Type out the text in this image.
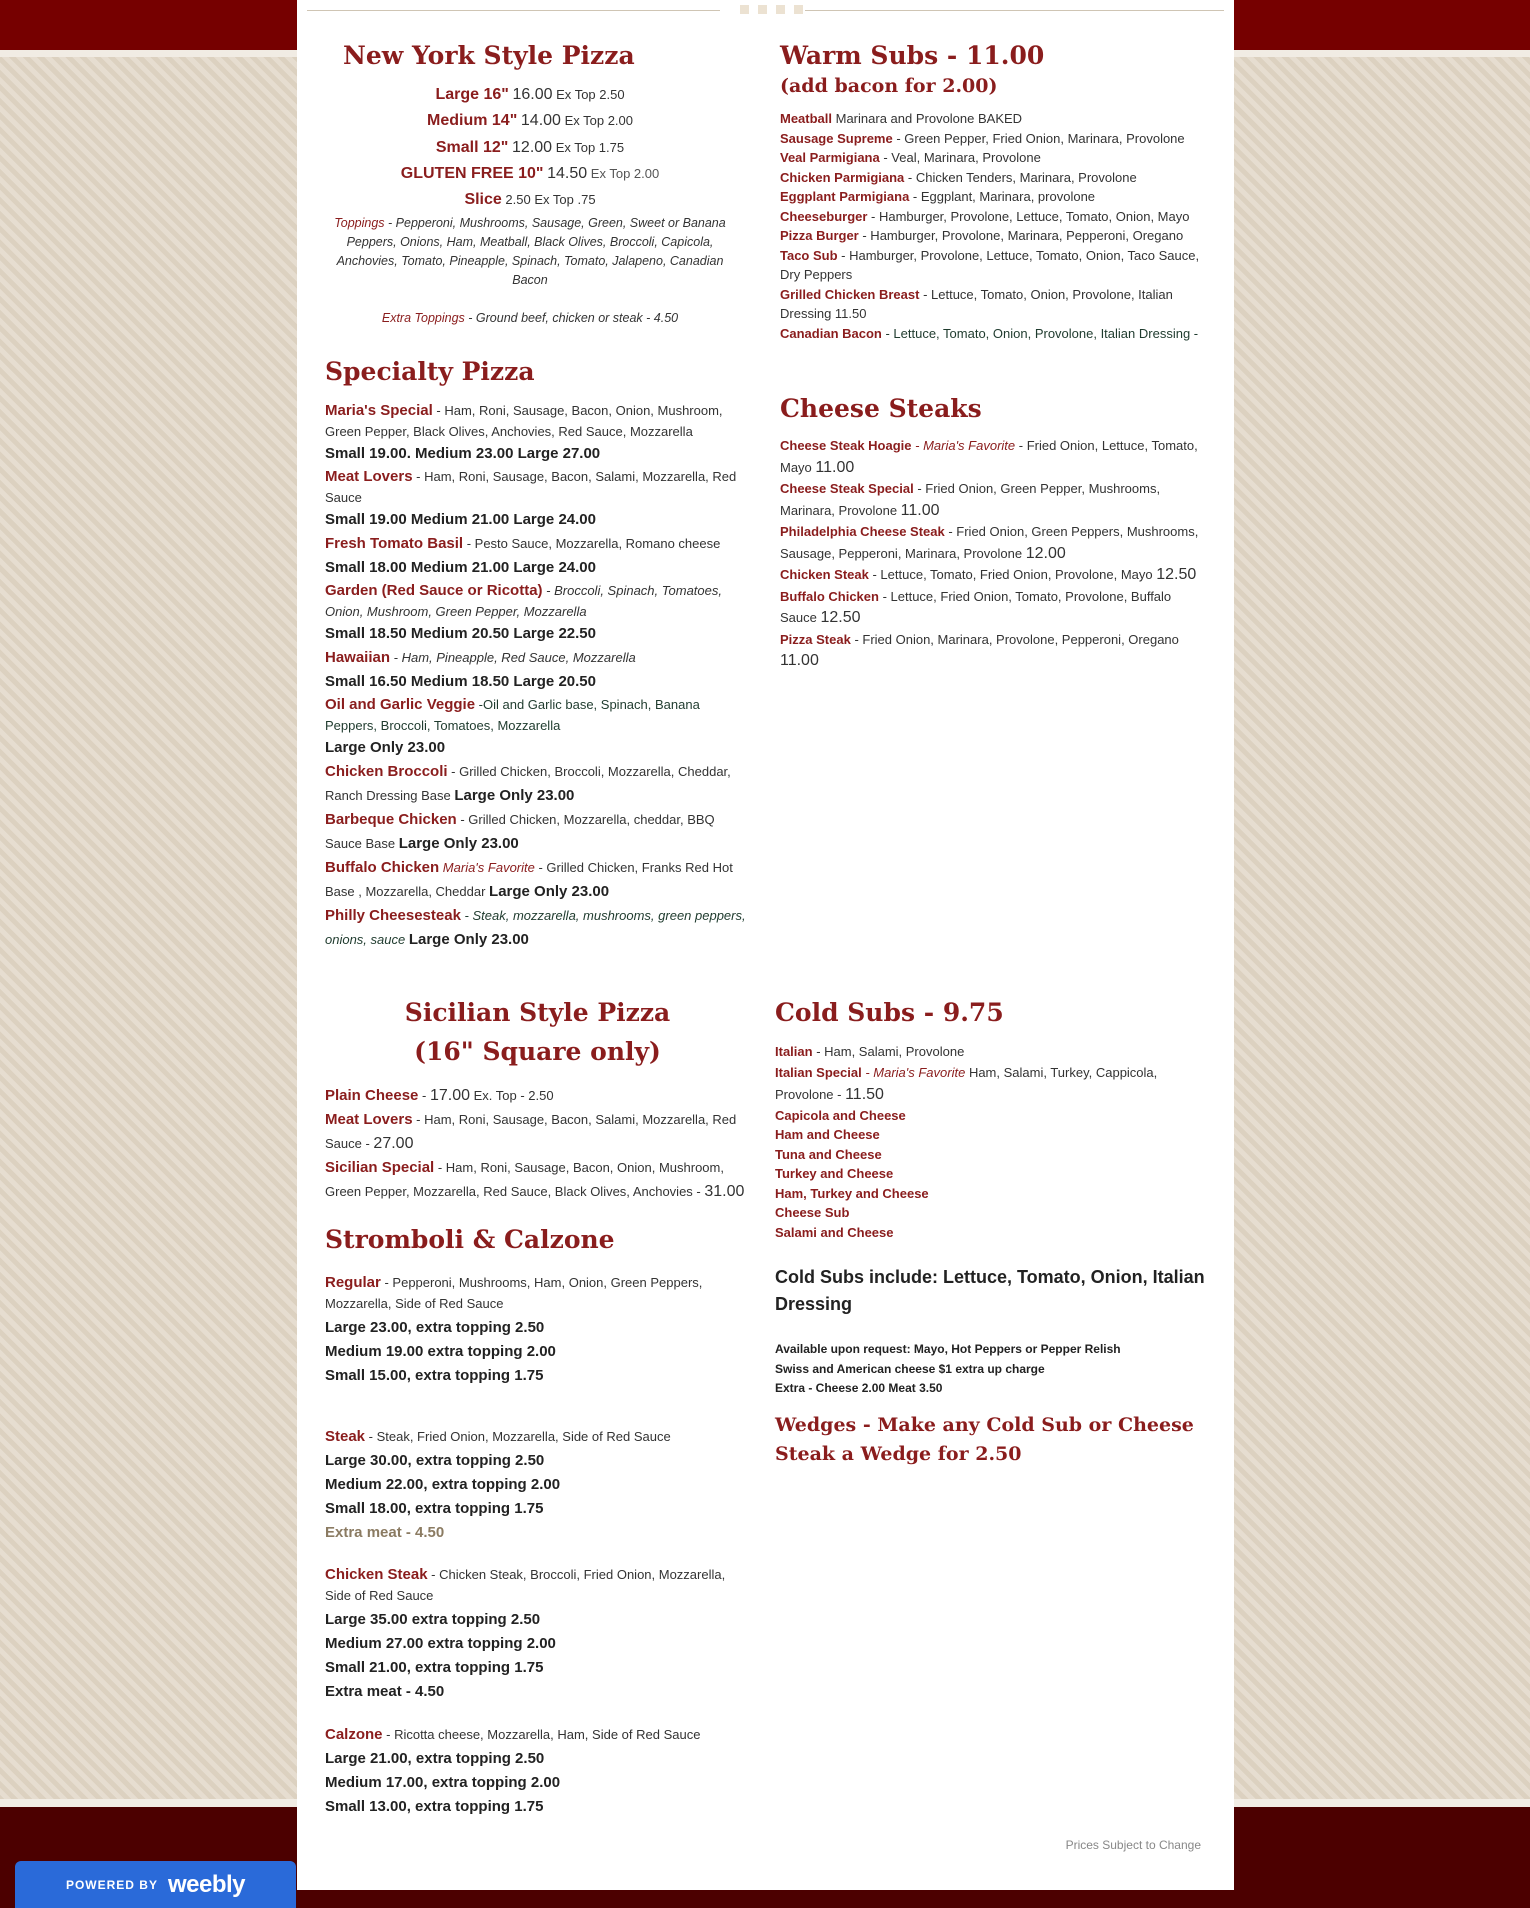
New York Style Pizza
Large 16" 16.00 Ex Top 2.50
Medium 14" 14.00 Ex Top 2.00
Small 12" 12.00 Ex Top 1.75
GLUTEN FREE 10" 14.50 Ex Top 2.00
Slice 2.50 Ex Top .75
Toppings - Pepperoni, Mushrooms, Sausage, Green, Sweet or Banana Peppers, Onions, Ham, Meatball, Black Olives, Broccoli, Capicola, Anchovies, Tomato, Pineapple, Spinach, Tomato, Jalapeno, Canadian Bacon
Extra Toppings - Ground beef, chicken or steak - 4.50
Specialty Pizza
Maria's Special - Ham, Roni, Sausage, Bacon, Onion, Mushroom, Green Pepper, Black Olives, Anchovies, Red Sauce, Mozzarella
Small 19.00. Medium 23.00 Large 27.00
Meat Lovers - Ham, Roni, Sausage, Bacon, Salami, Mozzarella, Red Sauce
Small 19.00 Medium 21.00 Large 24.00
Fresh Tomato Basil - Pesto Sauce, Mozzarella, Romano cheese
Small 18.00 Medium 21.00 Large 24.00
Garden (Red Sauce or Ricotta) - Broccoli, Spinach, Tomatoes, Onion, Mushroom, Green Pepper, Mozzarella
Small 18.50 Medium 20.50 Large 22.50
Hawaiian - Ham, Pineapple, Red Sauce, Mozzarella
Small 16.50 Medium 18.50 Large 20.50
Oil and Garlic Veggie -Oil and Garlic base, Spinach, Banana Peppers, Broccoli, Tomatoes, Mozzarella
Large Only 23.00
Chicken Broccoli - Grilled Chicken, Broccoli, Mozzarella, Cheddar, Ranch Dressing Base Large Only 23.00
Barbeque Chicken - Grilled Chicken, Mozzarella, cheddar, BBQ Sauce Base Large Only 23.00
Buffalo Chicken Maria's Favorite - Grilled Chicken, Franks Red Hot Base , Mozzarella, Cheddar Large Only 23.00
Philly Cheesesteak - Steak, mozzarella, mushrooms, green peppers, onions, sauce Large Only 23.00
Warm Subs - 11.00
(add bacon for 2.00)
Meatball Marinara and Provolone BAKED
Sausage Supreme - Green Pepper, Fried Onion, Marinara, Provolone
Veal Parmigiana - Veal, Marinara, Provolone
Chicken Parmigiana - Chicken Tenders, Marinara, Provolone
Eggplant Parmigiana - Eggplant, Marinara, provolone
Cheeseburger - Hamburger, Provolone, Lettuce, Tomato, Onion, Mayo
Pizza Burger - Hamburger, Provolone, Marinara, Pepperoni, Oregano
Taco Sub - Hamburger, Provolone, Lettuce, Tomato, Onion, Taco Sauce, Dry Peppers
Grilled Chicken Breast - Lettuce, Tomato, Onion, Provolone, Italian Dressing 11.50
Canadian Bacon - Lettuce, Tomato, Onion, Provolone, Italian Dressing -
Cheese Steaks
Cheese Steak Hoagie - Maria's Favorite - Fried Onion, Lettuce, Tomato, Mayo 11.00
Cheese Steak Special - Fried Onion, Green Pepper, Mushrooms, Marinara, Provolone 11.00
Philadelphia Cheese Steak - Fried Onion, Green Peppers, Mushrooms, Sausage, Pepperoni, Marinara, Provolone 12.00
Chicken Steak - Lettuce, Tomato, Fried Onion, Provolone, Mayo 12.50
Buffalo Chicken - Lettuce, Fried Onion, Tomato, Provolone, Buffalo Sauce 12.50
Pizza Steak - Fried Onion, Marinara, Provolone, Pepperoni, Oregano 11.00
Sicilian Style Pizza
(16" Square only)
Plain Cheese - 17.00 Ex. Top - 2.50
Meat Lovers - Ham, Roni, Sausage, Bacon, Salami, Mozzarella, Red Sauce - 27.00
Sicilian Special - Ham, Roni, Sausage, Bacon, Onion, Mushroom, Green Pepper, Mozzarella, Red Sauce, Black Olives, Anchovies - 31.00
Stromboli & Calzone
Regular - Pepperoni, Mushrooms, Ham, Onion, Green Peppers, Mozzarella, Side of Red Sauce
Large 23.00, extra topping 2.50
Medium 19.00 extra topping 2.00
Small 15.00, extra topping 1.75
Steak - Steak, Fried Onion, Mozzarella, Side of Red Sauce
Large 30.00, extra topping 2.50
Medium 22.00, extra topping 2.00
Small 18.00, extra topping 1.75
Extra meat - 4.50
Chicken Steak - Chicken Steak, Broccoli, Fried Onion, Mozzarella, Side of Red Sauce
Large 35.00 extra topping 2.50
Medium 27.00 extra topping 2.00
Small 21.00, extra topping 1.75
Extra meat - 4.50
Calzone - Ricotta cheese, Mozzarella, Ham, Side of Red Sauce
Large 21.00, extra topping 2.50
Medium 17.00, extra topping 2.00
Small 13.00, extra topping 1.75
Cold Subs - 9.75
Italian - Ham, Salami, Provolone
Italian Special - Maria's Favorite Ham, Salami, Turkey, Cappicola, Provolone - 11.50
Capicola and Cheese
Ham and Cheese
Tuna and Cheese
Turkey and Cheese
Ham, Turkey and Cheese
Cheese Sub
Salami and Cheese
Cold Subs include: Lettuce, Tomato, Onion, Italian Dressing
Available upon request: Mayo, Hot Peppers or Pepper Relish
Swiss and American cheese $1 extra up charge
Extra - Cheese 2.00 Meat 3.50
Wedges - Make any Cold Sub or Cheese Steak a Wedge for 2.50
Prices Subject to Change
POWERED BY weebly
